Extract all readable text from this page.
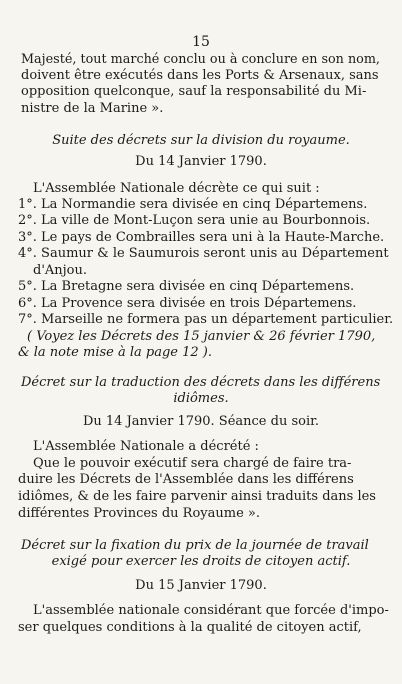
15
Majesté, tout marché conclu ou à conclure en son nom,
doivent être exécutés dans les Ports & Arsenaux, sans
opposition quelconque, sauf la responsabilité du Mi-
nistre de la Marine ».
Suite des décrets sur la division du royaume.
Du 14 Janvier 1790.
L'Assemblée Nationale décrète ce qui suit :
1°. La Normandie sera divisée en cinq Départemens.
2°. La ville de Mont-Luçon sera unie au Bourbonnois.
3°. Le pays de Combrailles sera uni à la Haute-Marche.
4°. Saumur & le Saumurois seront unis au Département
d'Anjou.
5°. La Bretagne sera divisée en cinq Départemens.
6°. La Provence sera divisée en trois Départemens.
7°. Marseille ne formera pas un département particulier.
( Voyez les Décrets des 15 janvier & 26 février 1790,
& la note mise à la page 12 ).
Décret sur la traduction des décrets dans les différens
idiômes.
Du 14 Janvier 1790. Séance du soir.
L'Assemblée Nationale a décrété :
Que le pouvoir exécutif sera chargé de faire tra-
duire les Décrets de l'Assemblée dans les différens
idiômes, & de les faire parvenir ainsi traduits dans les
différentes Provinces du Royaume ».
Décret sur la fixation du prix de la journée de travail
exigé pour exercer les droits de citoyen actif.
Du 15 Janvier 1790.
L'assemblée nationale considérant que forcée d'impo-
ser quelques conditions à la qualité de citoyen actif,
